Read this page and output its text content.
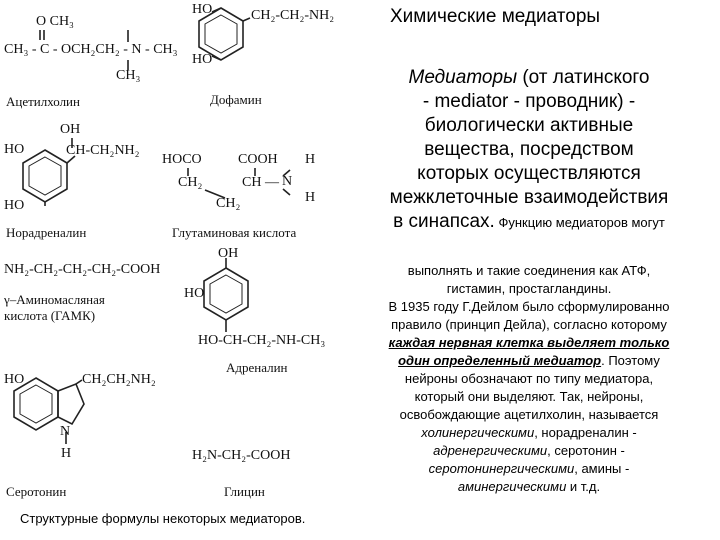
O CH₃
CH₃ - C - OCH₂CH₂ - N - CH₃
CH₃
Ацетилхолин
HO	CH₂-CH₂-NH₂
HO
Дофамин
OH
HO	CH-CH₂NH₂
HO
Норадреналин
HOCO	COOH H
CH₂	CH — N
CH₂	H
Глутаминовая кислота
NH₂-CH₂-CH₂-CH₂-COOH
γ–Аминомасляная
кислота (ГАМК)
OH
HO
HO-CH-CH₂-NH-CH₃
Адреналин
HO	CH₂CH₂NH₂
N
H
Серотонин
H₂N-CH₂-COOH
Глицин
Структурные формулы некоторых медиаторов.
Химические медиаторы
Медиаторы (от латинского
- mediator - проводник) -
биологически активные
вещества, посредством
которых осуществляются
межклеточные взаимодействия
в синапсах. Функцию медиаторов могут
выполнять и такие соединения как АТФ,
гистамин, простагландины.
В 1935 году Г.Дейлом было сформулированно
правило (принцип Дейла), согласно которому
каждая нервная клетка выделяет только
один определенный медиатор. Поэтому
нейроны обозначают по типу медиатора,
который они выделяют. Так, нейроны,
освобождающие ацетилхолин, называется
холинергическими, норадреналин -
адренергическими, серотонин -
серотонинергическими, амины -
аминергическими и т.д.
